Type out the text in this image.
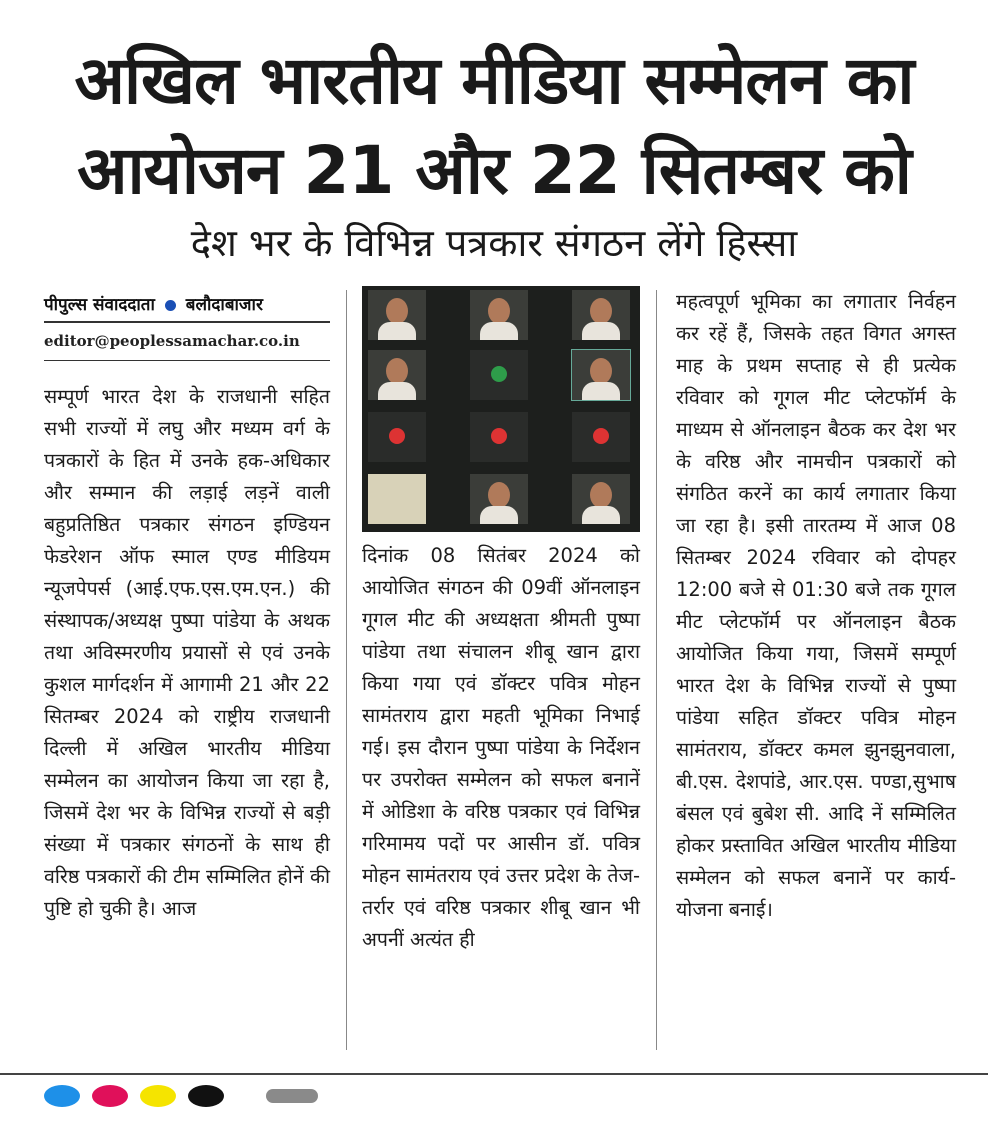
अखिल भारतीय मीडिया सम्मेलन का
आयोजन 21 और 22 सितम्बर को
देश भर के विभिन्न पत्रकार संगठन लेंगे हिस्सा
पीपुल्स संवाददाता बलौदाबाजार
editor@peoplessamachar.co.in
सम्पूर्ण भारत देश के राजधानी सहित सभी राज्यों में लघु और मध्यम वर्ग के पत्रकारों के हित में उनके हक-अधिकार और सम्मान की लड़ाई लड़नें वाली बहुप्रतिष्ठित पत्रकार संगठन इण्डियन फेडरेशन ऑफ स्माल एण्ड मीडियम न्यूजपेपर्स (आई.एफ.एस.एम.एन.) की संस्थापक/अध्यक्ष पुष्पा पांडेया के अथक तथा अविस्मरणीय प्रयासों से एवं उनके कुशल मार्गदर्शन में आगामी 21 और 22 सितम्बर 2024 को राष्ट्रीय राजधानी दिल्ली में अखिल भारतीय मीडिया सम्मेलन का आयोजन किया जा रहा है, जिसमें देश भर के विभिन्न राज्यों से बड़ी संख्या में पत्रकार संगठनों के साथ ही वरिष्ठ पत्रकारों की टीम सम्मिलित होनें की पुष्टि हो चुकी है। आज
दिनांक 08 सितंबर 2024 को आयोजित संगठन की 09वीं ऑनलाइन गूगल मीट की अध्यक्षता श्रीमती पुष्पा पांडेया तथा संचालन शीबू खान द्वारा किया गया एवं डॉक्टर पवित्र मोहन सामंतराय द्वारा महती भूमिका निभाई गई। इस दौरान पुष्पा पांडेया के निर्देशन पर उपरोक्त सम्मेलन को सफल बनानें में ओडिशा के वरिष्ठ पत्रकार एवं विभिन्न गरिमामय पदों पर आसीन डॉ. पवित्र मोहन सामंतराय एवं उत्तर प्रदेश के तेज-तर्रार एवं वरिष्ठ पत्रकार शीबू खान भी अपनीं अत्यंत ही
महत्वपूर्ण भूमिका का लगातार निर्वहन कर रहें हैं, जिसके तहत विगत अगस्त माह के प्रथम सप्ताह से ही प्रत्येक रविवार को गूगल मीट प्लेटफॉर्म के माध्यम से ऑनलाइन बैठक कर देश भर के वरिष्ठ और नामचीन पत्रकारों को संगठित करनें का कार्य लगातार किया जा रहा है। इसी तारतम्य में आज 08 सितम्बर 2024 रविवार को दोपहर 12:00 बजे से 01:30 बजे तक गूगल मीट प्लेटफॉर्म पर ऑनलाइन बैठक आयोजित किया गया, जिसमें सम्पूर्ण भारत देश के विभिन्न राज्यों से पुष्पा पांडेया सहित डॉक्टर पवित्र मोहन सामंतराय, डॉक्टर कमल झुनझुनवाला, बी.एस. देशपांडे, आर.एस. पण्डा,सुभाष बंसल एवं बुबेश सी. आदि नें सम्मिलित होकर प्रस्तावित अखिल भारतीय मीडिया सम्मेलन को सफल बनानें पर कार्य-योजना बनाई।
